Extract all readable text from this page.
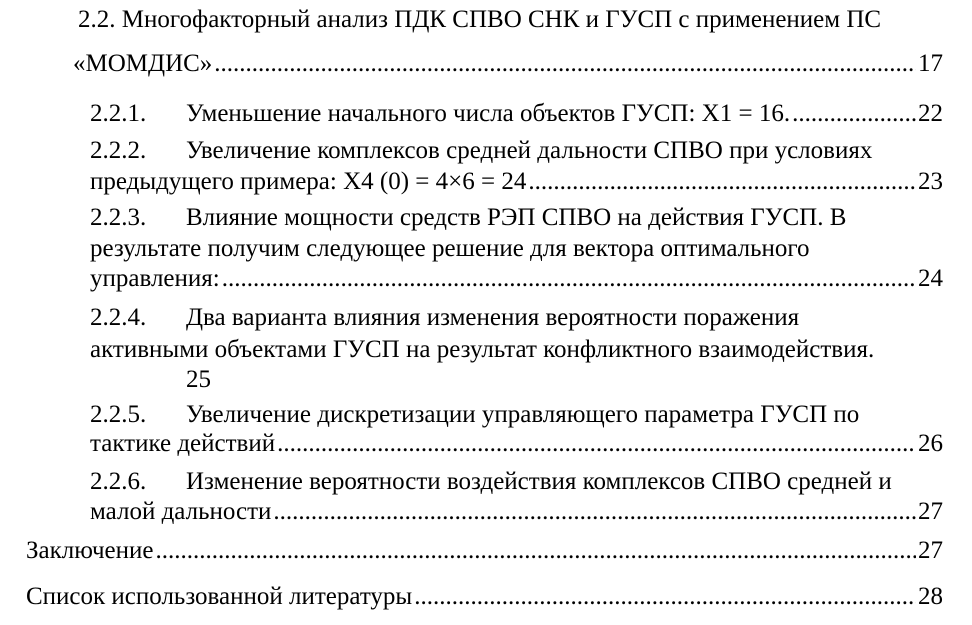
2.2. Многофакторный анализ ПДК СПВО СНК и ГУСП с применением ПС
«МОМДИС» .....	17
2.2.1.	Уменьшение начального числа объектов ГУСП: X1 = 16. .....	22
2.2.2. Увеличение комплексов средней дальности СПВО при условиях
предыдущего примера: X4 (0) = 4×6 = 24 .....	23
2.2.3. Влияние мощности средств РЭП СПВО на действия ГУСП. В
результате получим следующее решение для вектора оптимального
управления: .....	24
2.2.4. Два варианта влияния изменения вероятности поражения
активными объектами ГУСП на результат конфликтного взаимодействия.
25
2.2.5. Увеличение дискретизации управляющего параметра ГУСП по
тактике действий .....	26
2.2.6. Изменение вероятности воздействия комплексов СПВО средней и
малой дальности .....	27
Заключение .....	27
Список использованной литературы .....	28
